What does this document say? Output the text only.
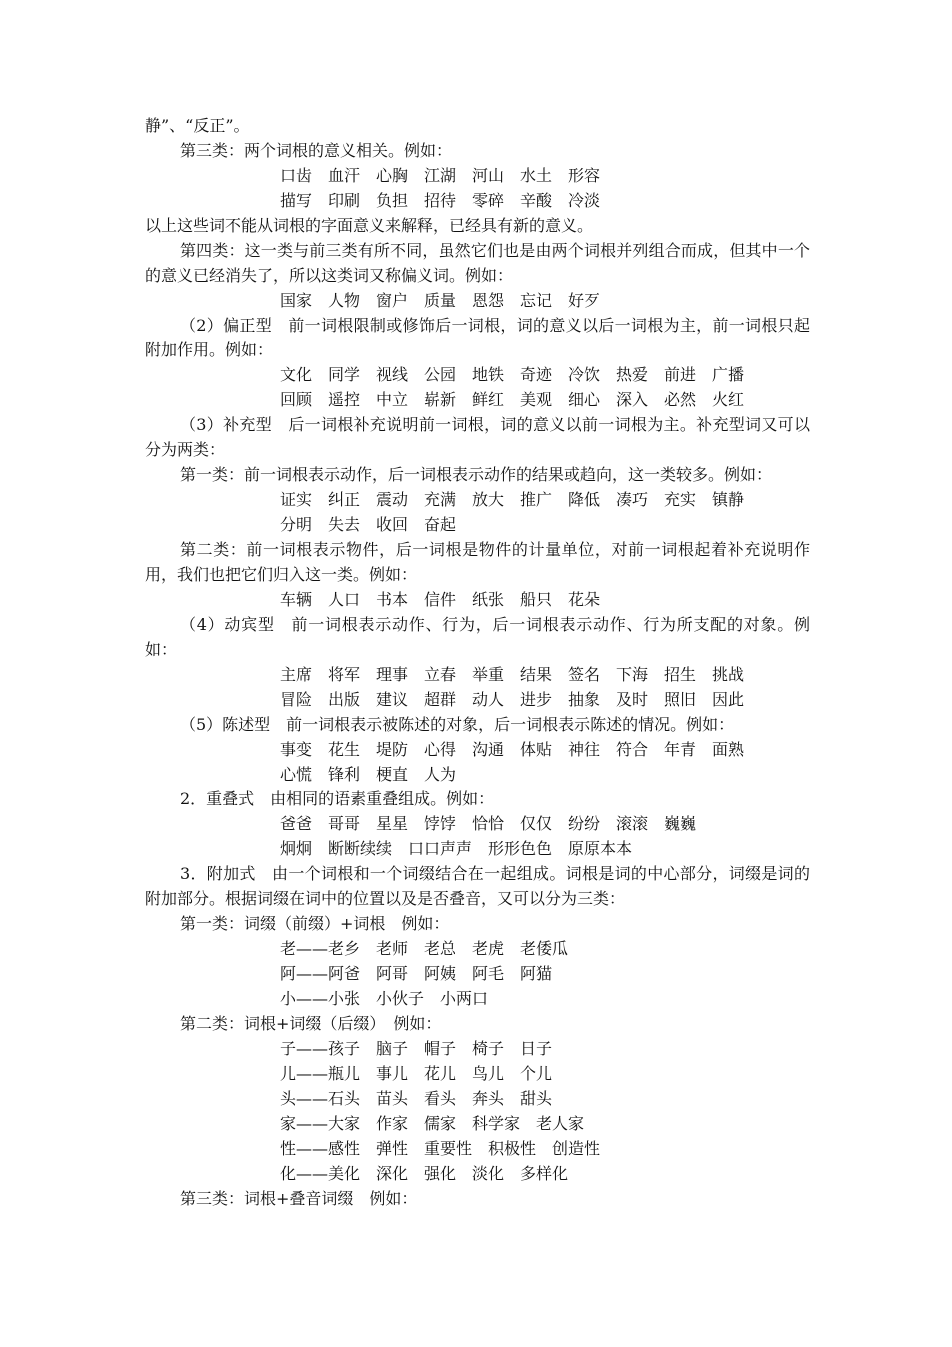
静”、“反正”。
第三类：两个词根的意义相关。例如：
口齿　血汗　心胸　江湖　河山　水土　形容
描写　印刷　负担　招待　零碎　辛酸　冷淡
以上这些词不能从词根的字面意义来解释，已经具有新的意义。
第四类：这一类与前三类有所不同，虽然它们也是由两个词根并列组合而成，但其中一个的意义已经消失了，所以这类词又称偏义词。例如：
国家　人物　窗户　质量　恩怨　忘记　好歹
（2）偏正型　前一词根限制或修饰后一词根，词的意义以后一词根为主，前一词根只起附加作用。例如：
文化　同学　视线　公园　地铁　奇迹　冷饮　热爱　前进　广播
回顾　遥控　中立　崭新　鲜红　美观　细心　深入　必然　火红
（3）补充型　后一词根补充说明前一词根，词的意义以前一词根为主。补充型词又可以分为两类：
第一类：前一词根表示动作，后一词根表示动作的结果或趋向，这一类较多。例如：
证实　纠正　震动　充满　放大　推广　降低　凑巧　充实　镇静
分明　失去　收回　奋起
第二类：前一词根表示物件，后一词根是物件的计量单位，对前一词根起着补充说明作用，我们也把它们归入这一类。例如：
车辆　人口　书本　信件　纸张　船只　花朵
（4）动宾型　前一词根表示动作、行为，后一词根表示动作、行为所支配的对象。例如：
主席　将军　理事　立春　举重　结果　签名　下海　招生　挑战
冒险　出版　建议　超群　动人　进步　抽象　及时　照旧　因此
（5）陈述型　前一词根表示被陈述的对象，后一词根表示陈述的情况。例如：
事变　花生　堤防　心得　沟通　体贴　神往　符合　年青　面熟
心慌　锋利　梗直　人为
2．重叠式　由相同的语素重叠组成。例如：
爸爸　哥哥　星星　饽饽　恰恰　仅仅　纷纷　滚滚　巍巍
炯炯　断断续续　口口声声　形形色色　原原本本
3．附加式　由一个词根和一个词缀结合在一起组成。词根是词的中心部分，词缀是词的附加部分。根据词缀在词中的位置以及是否叠音，又可以分为三类：
第一类：词缀（前缀）+词根　例如：
老——老乡　老师　老总　老虎　老倭瓜
阿——阿爸　阿哥　阿姨　阿毛　阿猫
小——小张　小伙子　小两口
第二类：词根+词缀（后缀）　例如：
子——孩子　脑子　帽子　椅子　日子
儿——瓶儿　事儿　花儿　鸟儿　个儿
头——石头　苗头　看头　奔头　甜头
家——大家　作家　儒家　科学家　老人家
性——感性　弹性　重要性　积极性　创造性
化——美化　深化　强化　淡化　多样化
第三类：词根+叠音词缀　例如：
